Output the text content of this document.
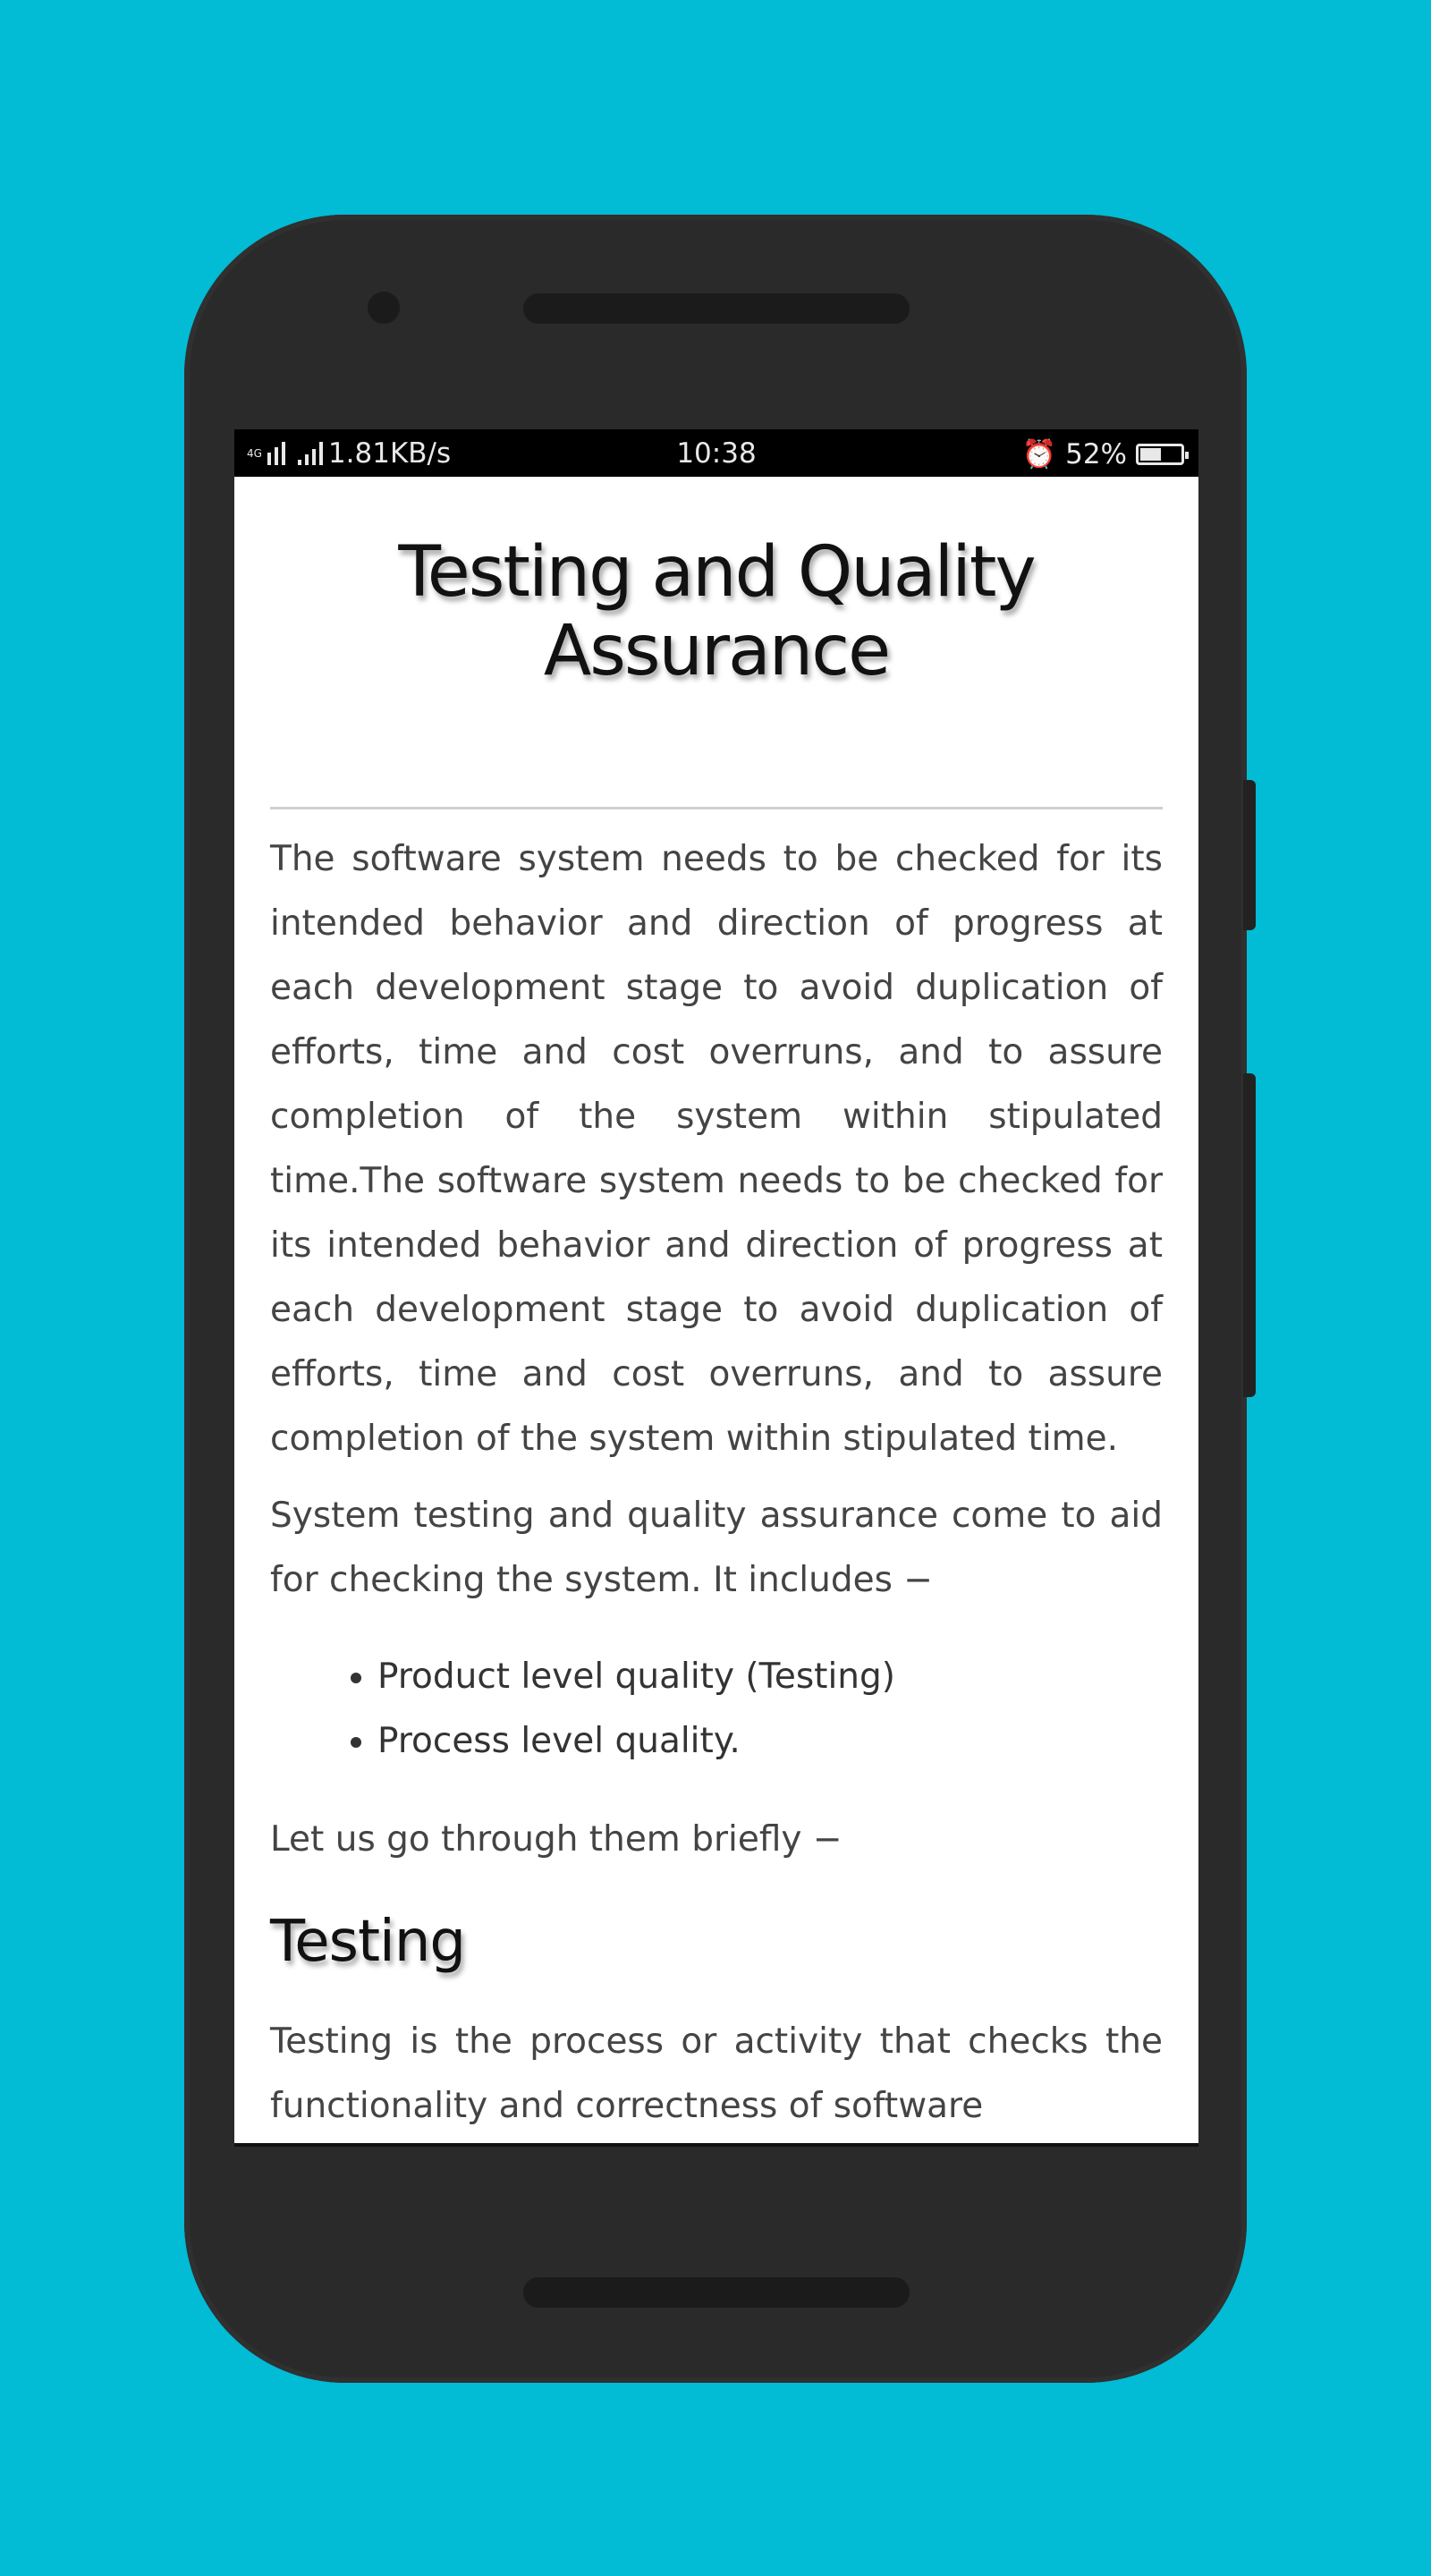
4G 1.81KB/s	10:38	⏰ 52%
Testing and Quality Assurance

The software system needs to be checked for its intended behavior and direction of progress at each development stage to avoid duplication of efforts, time and cost overruns, and to assure completion of the system within stipulated time.The software system needs to be checked for its intended behavior and direction of progress at each development stage to avoid duplication of efforts, time and cost overruns, and to assure completion of the system within stipulated time.

System testing and quality assurance come to aid for checking the system. It includes −

• Product level quality (Testing)
• Process level quality.

Let us go through them briefly −

Testing

Testing is the process or activity that checks the functionality and correctness of software
